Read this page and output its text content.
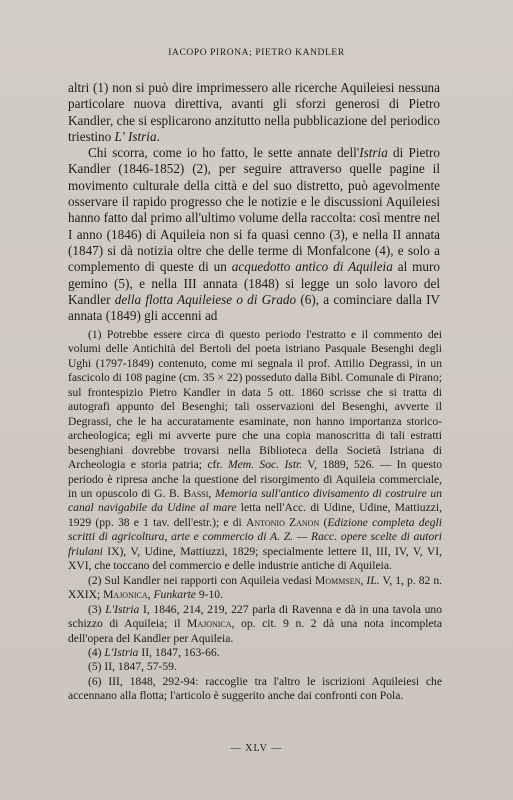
IACOPO PIRONA; PIETRO KANDLER

altri (1) non si può dire imprimessero alle ricerche Aquileiesi nessuna particolare nuova direttiva, avanti gli sforzi generosi di Pietro Kandler, che si esplicarono anzitutto nella pubblicazione del periodico triestino L' Istria.

Chi scorra, come io ho fatto, le sette annate dell'Istria di Pietro Kandler (1846-1852) (2), per seguire attraverso quelle pagine il movimento culturale della città e del suo distretto, può agevolmente osservare il rapido progresso che le notizie e le discussioni Aquileiesi hanno fatto dal primo all'ultimo volume della raccolta: così mentre nel I anno (1846) di Aquileia non si fa quasi cenno (3), e nella II annata (1847) si dà notizia oltre che delle terme di Monfalcone (4), e solo a complemento di queste di un acquedotto antico di Aquileia al muro gemino (5), e nella III annata (1848) si legge un solo lavoro del Kandler della flotta Aquileiese o di Grado (6), a cominciare dalla IV annata (1849) gli accenni ad

(1) Potrebbe essere circa di questo periodo l'estratto e il commento dei volumi delle Antichità del Bertoli del poeta istriano Pasquale Besenghi degli Ughi (1797-1849) contenuto, come mi segnala il prof. Attilio Degrassi, in un fascicolo di 108 pagine (cm. 35 × 22) posseduto dalla Bibl. Comunale di Pirano; sul frontespizio Pietro Kandler in data 5 ott. 1860 scrisse che si tratta di autografi appunto del Besenghi; tali osservazioni del Besenghi, avverte il Degrassi, che le ha accuratamente esaminate, non hanno importanza storico-archeologica; egli mi avverte pure che una copia manoscritta di tali estratti besenghiani dovrebbe trovarsi nella Biblioteca della Società Istriana di Archeologia e storia patria; cfr. Mem. Soc. Istr. V, 1889, 526. — In questo periodo è ripresa anche la questione del risorgimento di Aquileia commerciale, in un opuscolo di G. B. Bassi, Memoria sull'antico divisamento di costruire un canal navigabile da Udine al mare letta nell'Acc. di Udine, Udine, Mattiuzzi, 1929 (pp. 38 e 1 tav. dell'estr.); e di Antonio Zanon (Edizione completa degli scritti di agricoltura, arte e commercio di A. Z. — Racc. opere scelte di autori friulani IX), V, Udine, Mattiuzzi, 1829; specialmente lettere II, III, IV, V, VI, XVI, che toccano del commercio e delle industrie antiche di Aquileia.

(2) Sul Kandler nei rapporti con Aquileia vedasi Mommsen, IL. V, 1, p. 82 n. XXIX; Majonica, Funkarte 9-10.

(3) L'Istria I, 1846, 214, 219, 227 parla di Ravenna e dà in una tavola uno schizzo di Aquileia; il Majonica, op. cit. 9 n. 2 dà una nota incompleta dell'opera del Kandler per Aquileia.

(4) L'Istria II, 1847, 163-66.

(5) II, 1847, 57-59.

(6) III, 1848, 292-94: raccoglie tra l'altro le iscrizioni Aquileiesi che accennano alla flotta; l'articolo è suggerito anche dai confronti con Pola.

— XLV —
